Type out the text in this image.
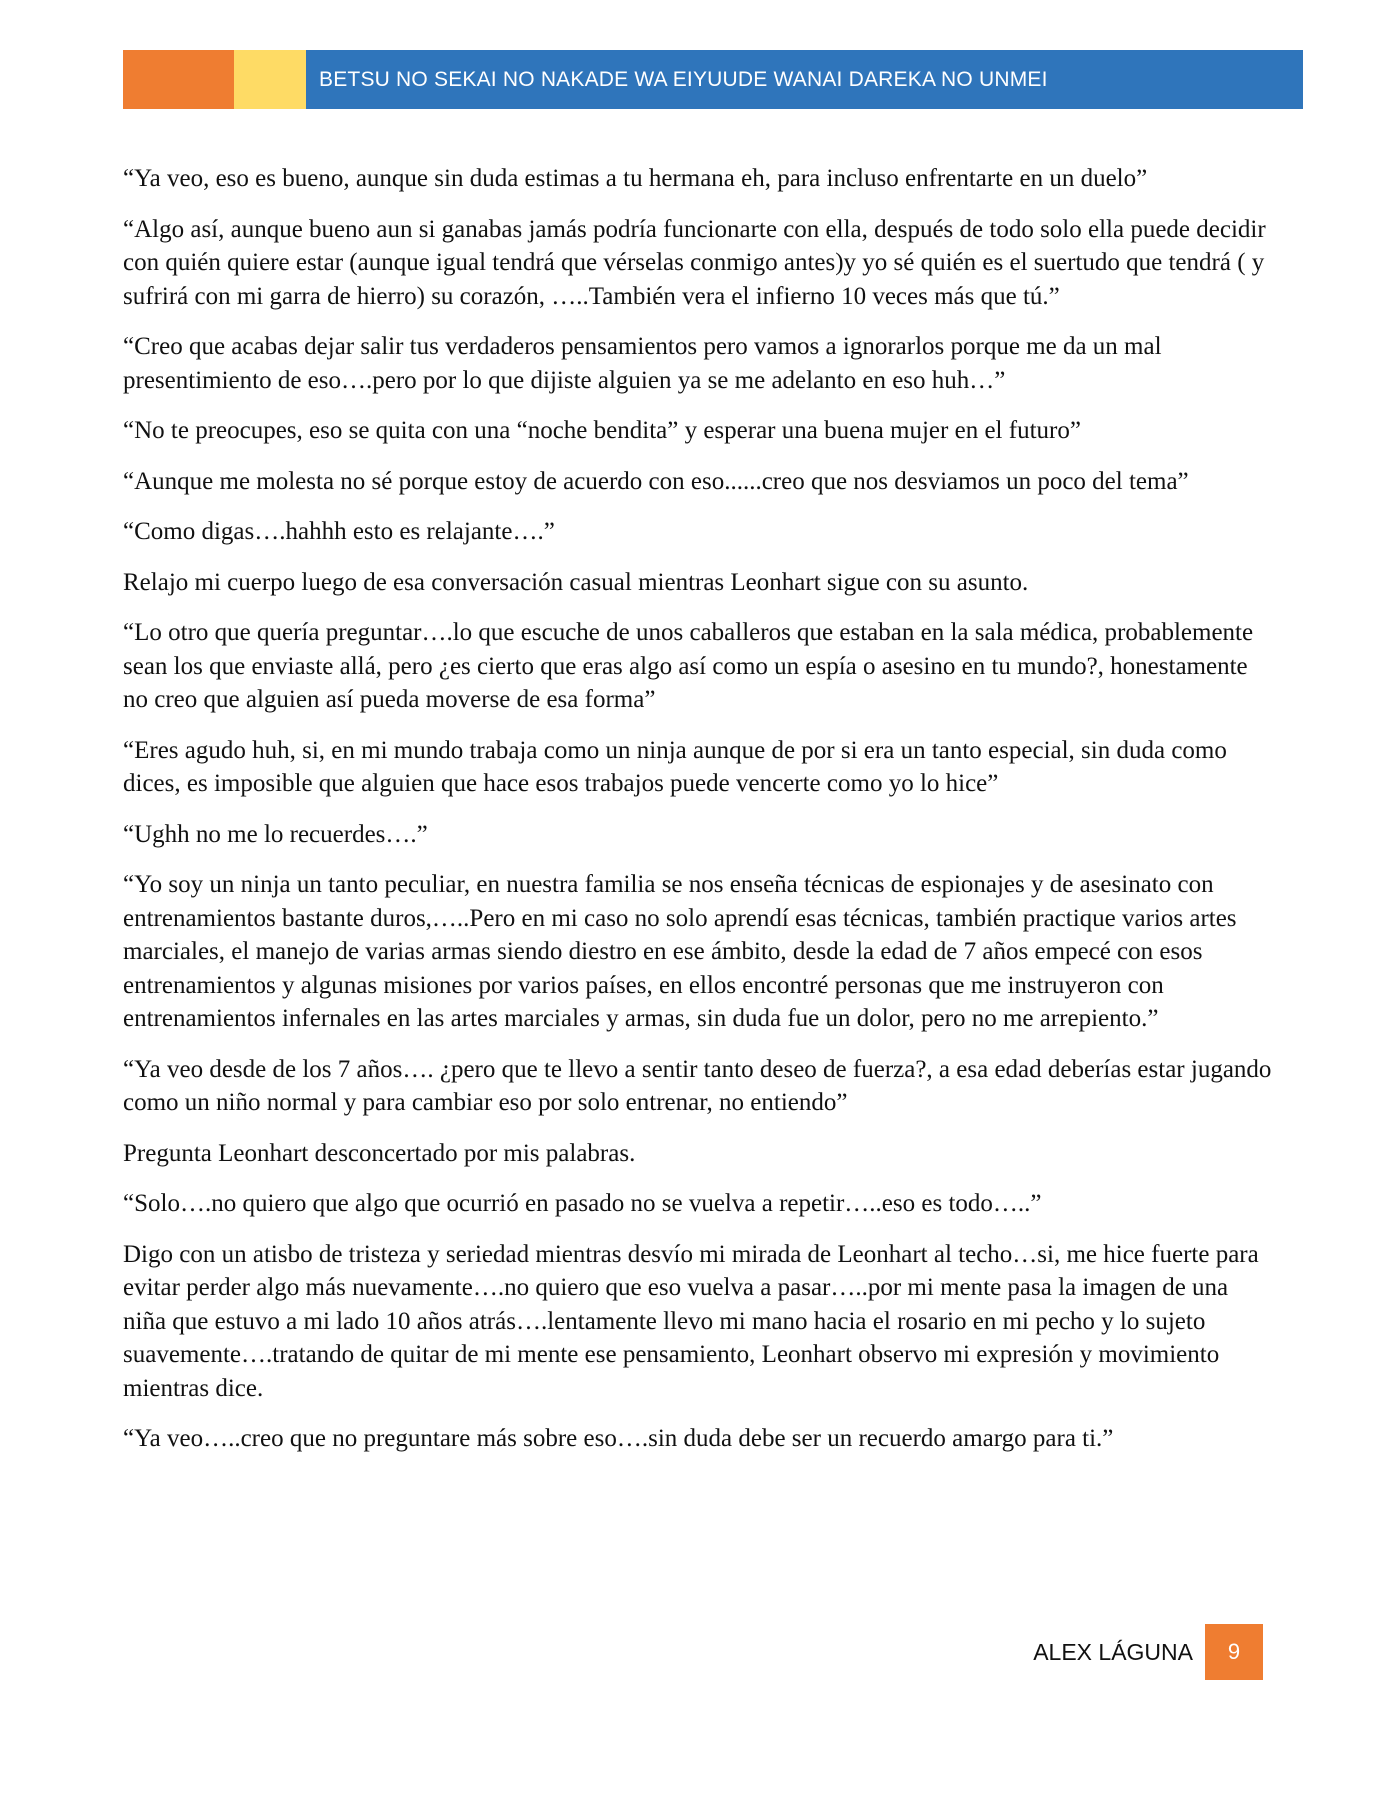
BETSU NO SEKAI NO NAKADE WA EIYUUDE WANAI DAREKA NO UNMEI

“Ya veo, eso es bueno, aunque sin duda estimas a tu hermana eh, para incluso enfrentarte en un duelo”

“Algo así, aunque bueno aun si ganabas jamás podría funcionarte con ella, después de todo solo ella puede decidir con quién quiere estar (aunque igual tendrá que vérselas conmigo antes)y yo sé quién es el suertudo que tendrá ( y sufrirá con mi garra de hierro) su corazón, …..También vera el infierno 10 veces más que tú.”

“Creo que acabas dejar salir tus verdaderos pensamientos pero vamos a ignorarlos porque me da un mal presentimiento de eso….pero por lo que dijiste alguien ya se me adelanto en eso huh…”

“No te preocupes, eso se quita con una “noche bendita” y esperar una buena mujer en el futuro”

“Aunque me molesta no sé porque estoy de acuerdo con eso......creo que nos desviamos un poco del tema”

“Como digas….hahhh esto es relajante….”

Relajo mi cuerpo luego de esa conversación casual mientras Leonhart sigue con su asunto.

“Lo otro que quería preguntar….lo que escuche de unos caballeros que estaban en la sala médica, probablemente sean los que enviaste allá, pero ¿es cierto que eras algo así como un espía o asesino en tu mundo?, honestamente no creo que alguien así pueda moverse de esa forma”

“Eres agudo huh, si, en mi mundo trabaja como un ninja aunque de por si era un tanto especial, sin duda como dices, es imposible que alguien que hace esos trabajos puede vencerte como yo lo hice”

“Ughh no me lo recuerdes….”

“Yo soy un ninja un tanto peculiar, en nuestra familia se nos enseña técnicas de espionajes y de asesinato con entrenamientos bastante duros,…..Pero en mi caso no solo aprendí esas técnicas, también practique varios artes marciales, el manejo de varias armas siendo diestro en ese ámbito, desde la edad de 7 años empecé con esos entrenamientos y algunas misiones por varios países, en ellos encontré personas que me instruyeron con entrenamientos infernales en las artes marciales y armas, sin duda fue un dolor, pero no me arrepiento.”

“Ya veo desde de los 7 años…. ¿pero que te llevo a sentir tanto deseo de fuerza?, a esa edad deberías estar jugando como un niño normal y para cambiar eso por solo entrenar, no entiendo”

Pregunta Leonhart desconcertado por mis palabras.

“Solo….no quiero que algo que ocurrió en pasado no se vuelva a repetir…..eso es todo…..”

Digo con un atisbo de tristeza y seriedad mientras desvío mi mirada de Leonhart al techo…si, me hice fuerte para evitar perder algo más nuevamente….no quiero que eso vuelva a pasar…..por mi mente pasa la imagen de una niña que estuvo a mi lado 10 años atrás….lentamente llevo mi mano hacia el rosario en mi pecho y lo sujeto suavemente….tratando de quitar de mi mente ese pensamiento, Leonhart observo mi expresión y movimiento mientras dice.

“Ya veo…..creo que no preguntare más sobre eso….sin duda debe ser un recuerdo amargo para ti.”

ALEX LÁGUNA	9
